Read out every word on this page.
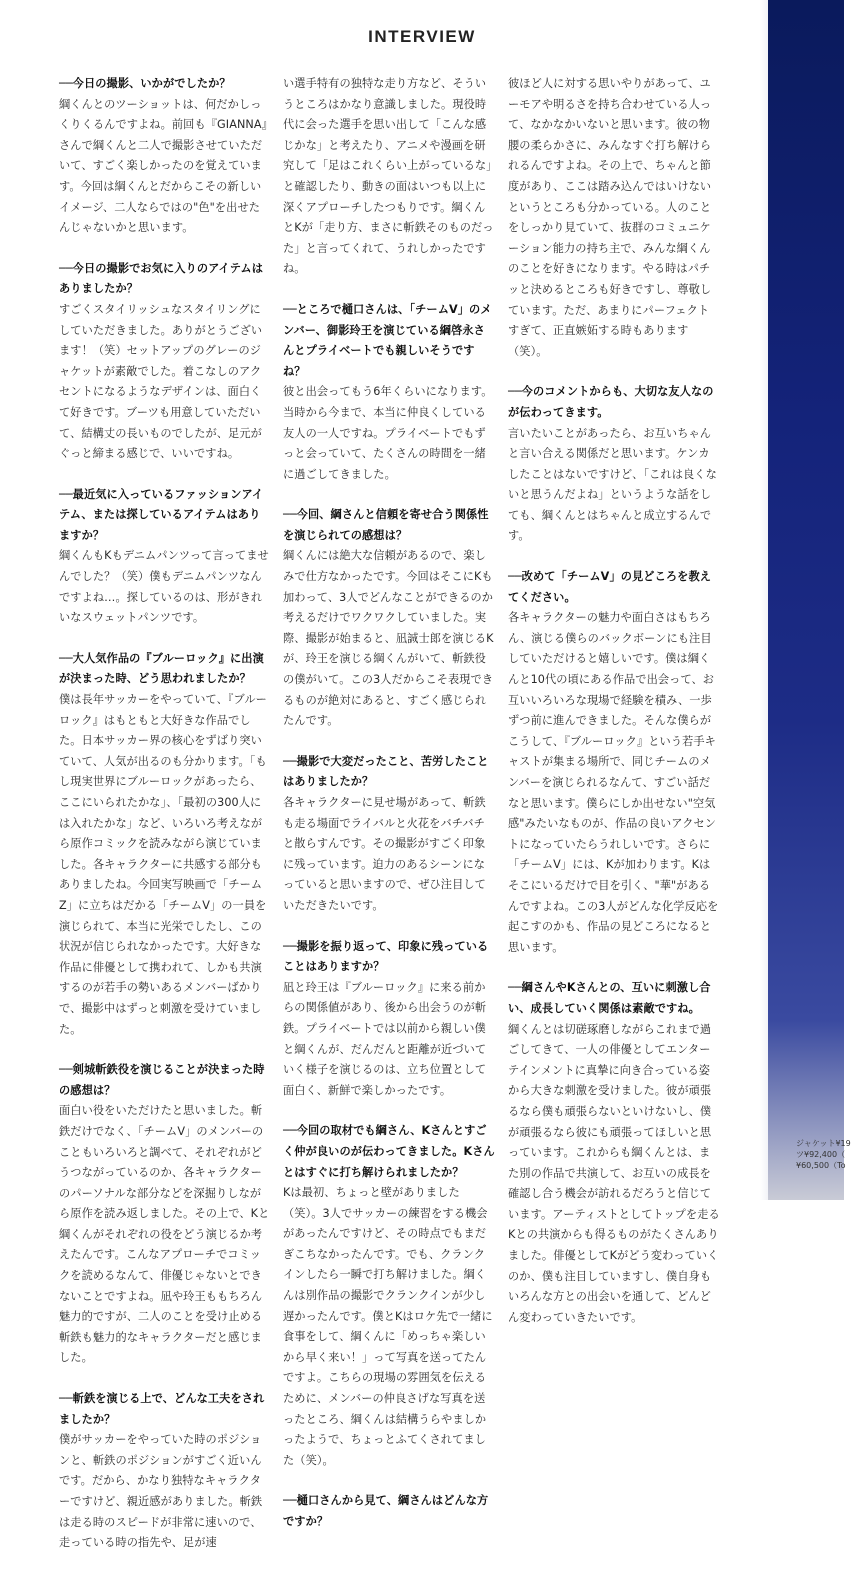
INTERVIEW

──今日の撮影、いかがでしたか？

綱くんとのツーショットは、何だかしっくりくるんですよね。前回も『GIANNA』さんで綱くんと二人で撮影させていただいて、すごく楽しかったのを覚えています。今回は綱くんとだからこその新しいイメージ、二人ならではの"色"を出せたんじゃないかと思います。

──今日の撮影でお気に入りのアイテムはありましたか？

すごくスタイリッシュなスタイリングにしていただきました。ありがとうございます！（笑）セットアップのグレーのジャケットが素敵でした。着こなしのアクセントになるようなデザインは、面白くて好きです。ブーツも用意していただいて、結構丈の長いものでしたが、足元がぐっと締まる感じで、いいですね。

──最近気に入っているファッションアイテム、または探しているアイテムはありますか？

綱くんもKもデニムパンツって言ってませんでした？（笑）僕もデニムパンツなんですよね…。探しているのは、形がきれいなスウェットパンツです。

──大人気作品の『ブルーロック』に出演が決まった時、どう思われましたか？

僕は長年サッカーをやっていて、『ブルーロック』はもともと大好きな作品でした。日本サッカー界の核心をずばり突いていて、人気が出るのも分かります。「もし現実世界にブルーロックがあったら、ここにいられたかな」、「最初の300人には入れたかな」など、いろいろ考えながら原作コミックを読みながら演じていました。各キャラクターに共感する部分もありましたね。今回実写映画で「チームZ」に立ちはだかる「チームV」の一員を演じられて、本当に光栄でしたし、この状況が信じられなかったです。大好きな作品に俳優として携われて、しかも共演するのが若手の勢いあるメンバーばかりで、撮影中はずっと刺激を受けていました。

──剣城斬鉄役を演じることが決まった時の感想は？

面白い役をいただけたと思いました。斬鉄だけでなく、「チームV」のメンバーのこともいろいろと調べて、それぞれがどうつながっているのか、各キャラクターのパーソナルな部分などを深掘りしながら原作を読み返しました。その上で、Kと綱くんがそれぞれの役をどう演じるか考えたんです。こんなアプローチでコミックを読めるなんて、俳優じゃないとできないことですよね。凪や玲王ももちろん魅力的ですが、二人のことを受け止める斬鉄も魅力的なキャラクターだと感じました。

──斬鉄を演じる上で、どんな工夫をされましたか？

僕がサッカーをやっていた時のポジションと、斬鉄のポジションがすごく近いんです。だから、かなり独特なキャラクターですけど、親近感がありました。斬鉄は走る時のスピードが非常に速いので、走っている時の指先や、足が速

い選手特有の独特な走り方など、そういうところはかなり意識しました。現役時代に会った選手を思い出して「こんな感じかな」と考えたり、アニメや漫画を研究して「足はこれくらい上がっているな」と確認したり、動きの面はいつも以上に深くアプローチしたつもりです。綱くんとKが「走り方、まさに斬鉄そのものだった」と言ってくれて、うれしかったですね。

──ところで樋口さんは、「チームV」のメンバー、御影玲王を演じている綱啓永さんとプライベートでも親しいそうですね？

彼と出会ってもう6年くらいになります。当時から今まで、本当に仲良くしている友人の一人ですね。プライベートでもずっと会っていて、たくさんの時間を一緒に過ごしてきました。

──今回、綱さんと信頼を寄せ合う関係性を演じられての感想は？

綱くんには絶大な信頼があるので、楽しみで仕方なかったです。今回はそこにKも加わって、3人でどんなことができるのか考えるだけでワクワクしていました。実際、撮影が始まると、凪誠士郎を演じるKが、玲王を演じる綱くんがいて、斬鉄役の僕がいて。この3人だからこそ表現できるものが絶対にあると、すごく感じられたんです。

──撮影で大変だったこと、苦労したことはありましたか？

各キャラクターに見せ場があって、斬鉄も走る場面でライバルと火花をバチバチと散らすんです。その撮影がすごく印象に残っています。迫力のあるシーンになっていると思いますので、ぜひ注目していただきたいです。

──撮影を振り返って、印象に残っていることはありますか？

凪と玲王は『ブルーロック』に来る前からの関係値があり、後から出会うのが斬鉄。プライベートでは以前から親しい僕と綱くんが、だんだんと距離が近づいていく様子を演じるのは、立ち位置として面白く、新鮮で楽しかったです。

──今回の取材でも綱さん、Kさんとすごく仲が良いのが伝わってきました。Kさんとはすぐに打ち解けられましたか？

Kは最初、ちょっと壁がありました（笑）。3人でサッカーの練習をする機会があったんですけど、その時点でもまだぎこちなかったんです。でも、クランクインしたら一瞬で打ち解けました。綱くんは別作品の撮影でクランクインが少し遅かったんです。僕とKはロケ先で一緒に食事をして、綱くんに「めっちゃ楽しいから早く来い！」って写真を送ってたんですよ。こちらの現場の雰囲気を伝えるために、メンバーの仲良さげな写真を送ったところ、綱くんは結構うらやましかったようで、ちょっとふてくされてました（笑）。

──樋口さんから見て、綱さんはどんな方ですか？

彼ほど人に対する思いやりがあって、ユーモアや明るさを持ち合わせている人って、なかなかいないと思います。彼の物腰の柔らかさに、みんなすぐ打ち解けられるんですよね。その上で、ちゃんと節度があり、ここは踏み込んではいけないというところも分かっている。人のことをしっかり見ていて、抜群のコミュニケーション能力の持ち主で、みんな綱くんのことを好きになります。やる時はパチッと決めるところも好きですし、尊敬しています。ただ、あまりにパーフェクトすぎて、正直嫉妬する時もあります（笑）。

──今のコメントからも、大切な友人なのが伝わってきます。

言いたいことがあったら、お互いちゃんと言い合える関係だと思います。ケンカしたことはないですけど、「これは良くないと思うんだよね」というような話をしても、綱くんとはちゃんと成立するんです。

──改めて「チームV」の見どころを教えてください。

各キャラクターの魅力や面白さはもちろん、演じる僕らのバックボーンにも注目していただけると嬉しいです。僕は綱くんと10代の頃にある作品で出会って、お互いいろいろな現場で経験を積み、一歩ずつ前に進んできました。そんな僕らがこうして、『ブルーロック』という若手キャストが集まる場所で、同じチームのメンバーを演じられるなんて、すごい話だなと思います。僕らにしか出せない"空気感"みたいなものが、作品の良いアクセントになっていたらうれしいです。さらに「チームV」には、Kが加わります。Kはそこにいるだけで目を引く、"華"があるんですよね。この3人がどんな化学反応を起こすのかも、作品の見どころになると思います。

──綱さんやKさんとの、互いに刺激し合い、成長していく関係は素敵ですね。

綱くんとは切磋琢磨しながらこれまで過ごしてきて、一人の俳優としてエンターテインメントに真摯に向き合っている姿から大きな刺激を受けました。彼が頑張るなら僕も頑張らないといけないし、僕が頑張るなら彼にも頑張ってほしいと思っています。これからも綱くんとは、また別の作品で共演して、お互いの成長を確認し合う機会が訪れるだろうと信じています。アーティストとしてトップを走るKとの共演からも得るものがたくさんありました。俳優としてKがどう変わっていくのか、僕も注目していますし、僕自身もいろんな方との出会いを通して、どんどん変わっていきたいです。

ジャケット¥19
ツ¥92,400（
¥60,500（To
